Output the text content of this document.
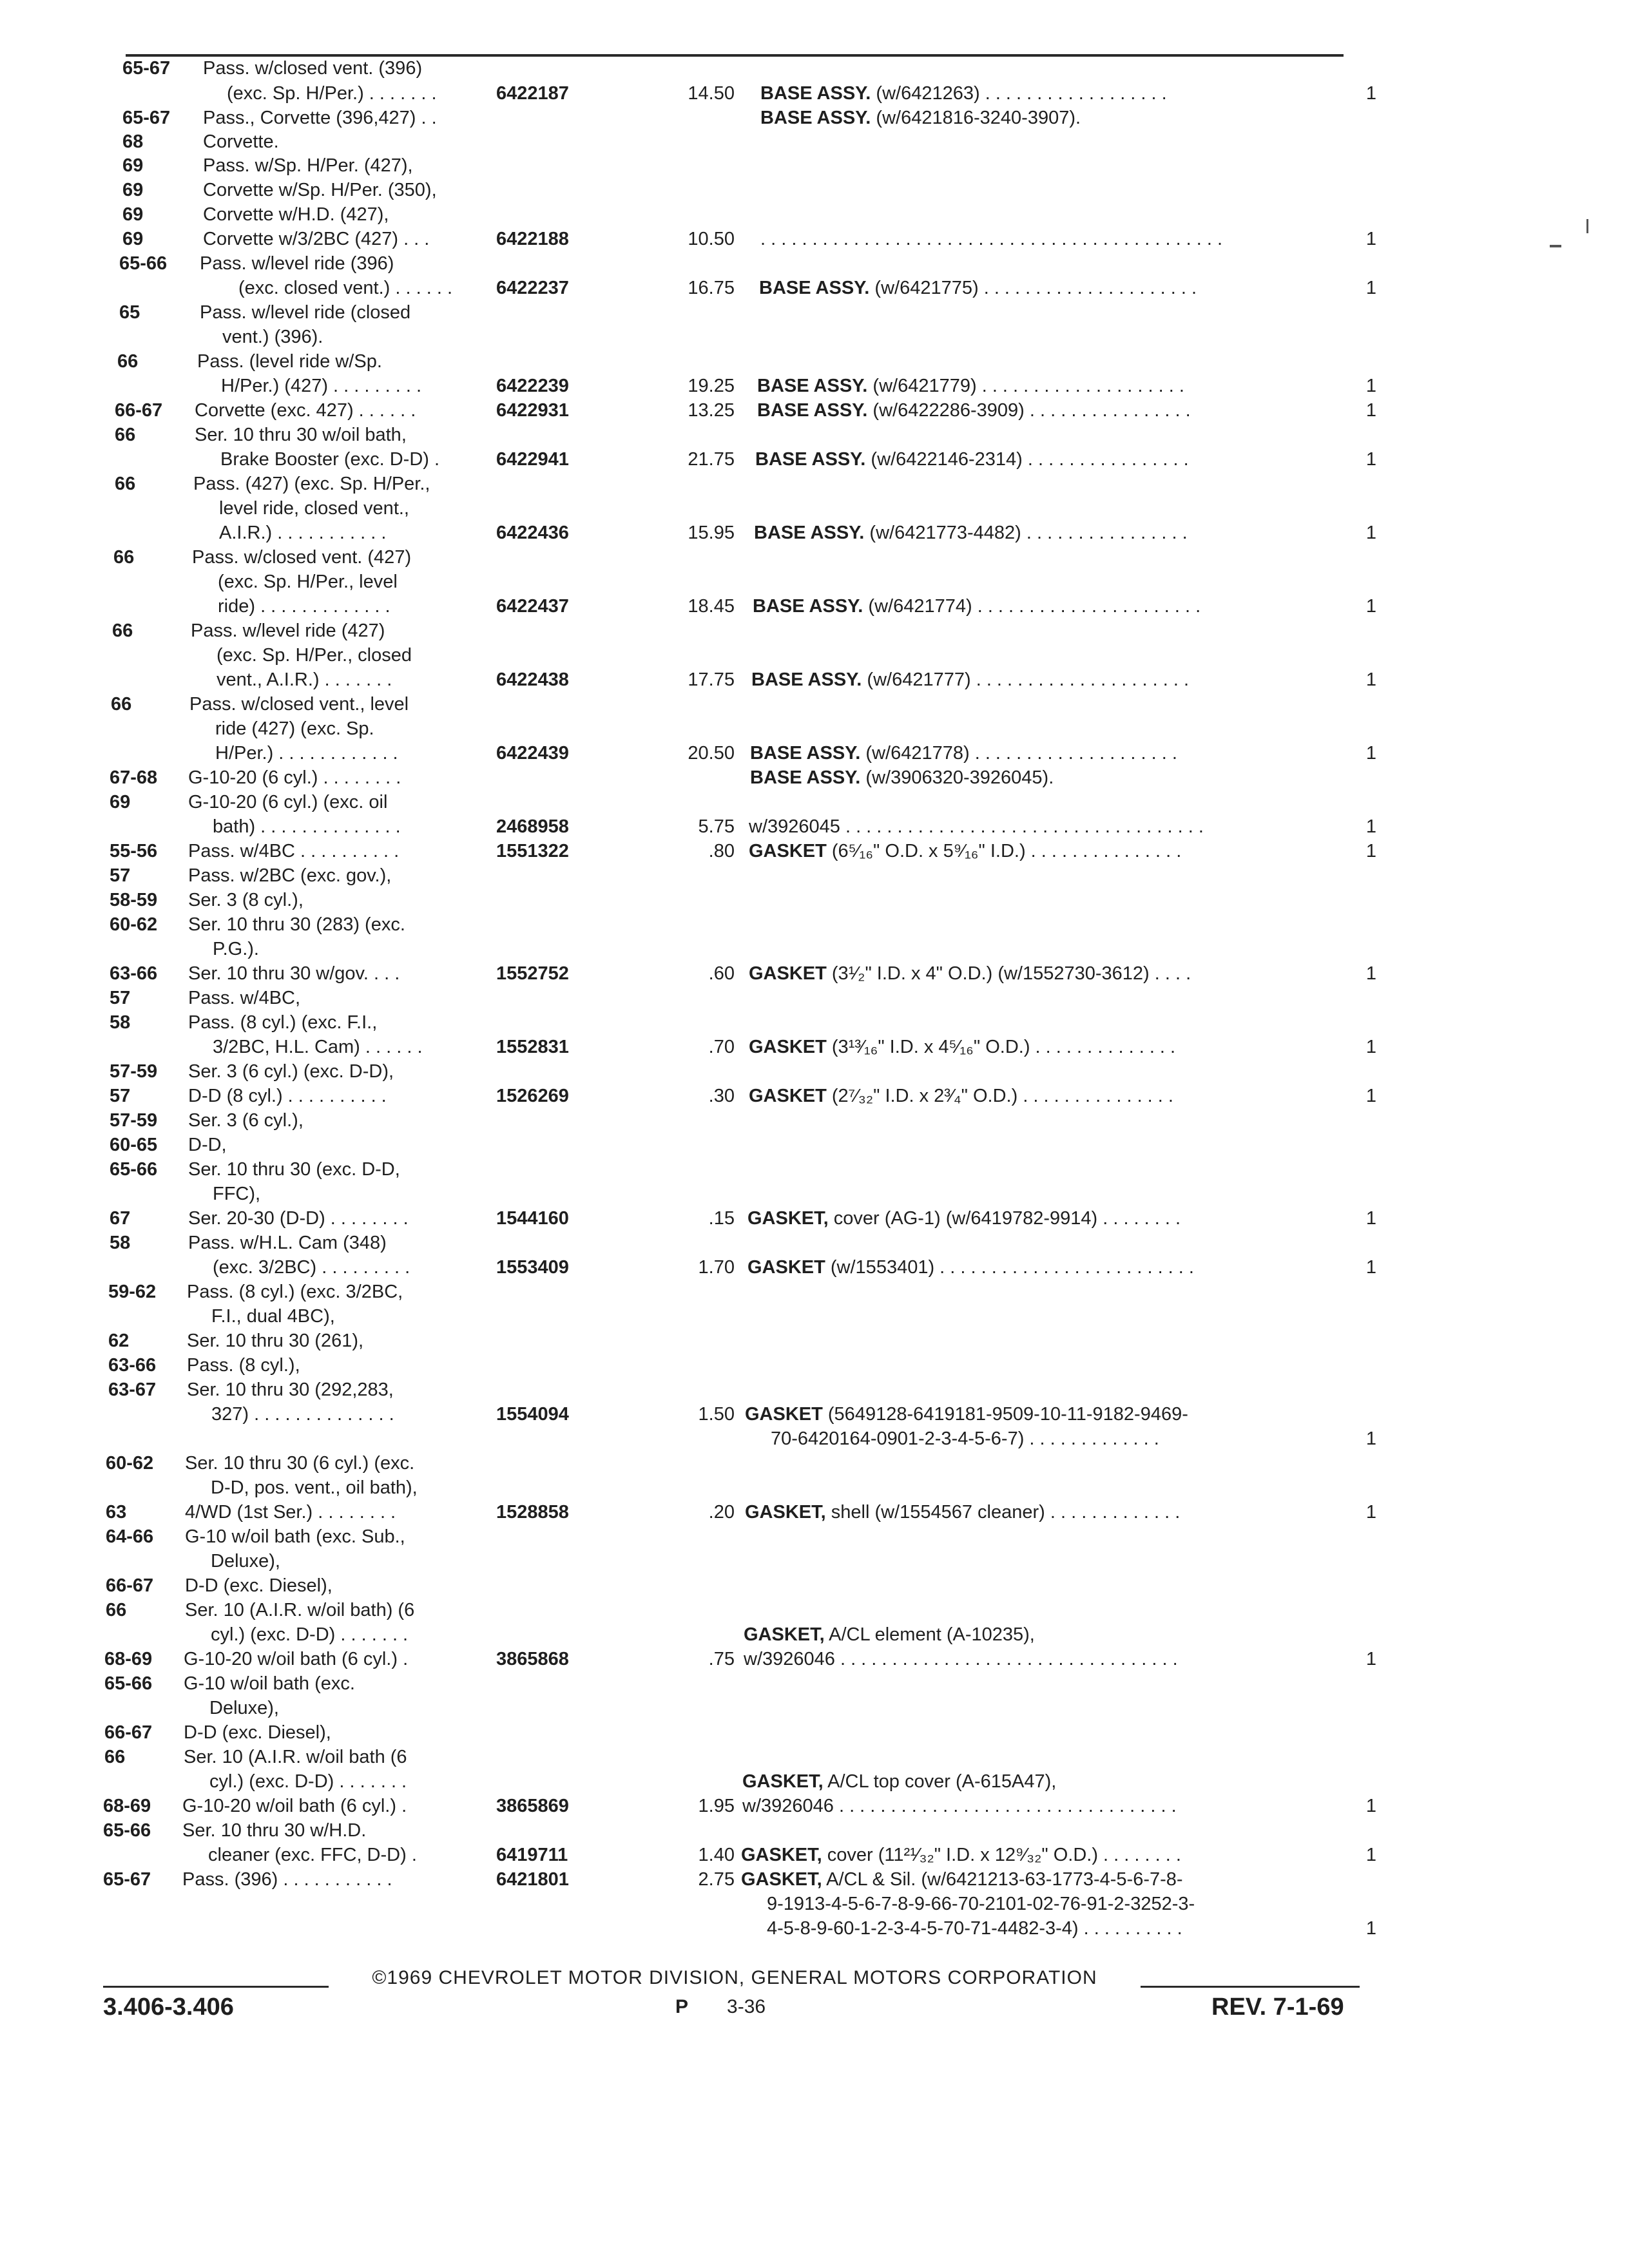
65-67 Pass. w/closed vent. (396)
(exc. Sp. H/Per.) . . . . . . .	6422187	14.50 BASE ASSY. (w/6421263) . . . . . . . . . . . . . . . . . .	1
65-67 Pass., Corvette (396,427) . .	BASE ASSY. (w/6421816-3240-3907).
68	Corvette.
69	Pass. w/Sp. H/Per. (427),
69	Corvette w/Sp. H/Per. (350),
69	Corvette w/H.D. (427),
69	Corvette w/3/2BC (427) . . .	6422188	10.50 . . . . . . . . . . . . . . . . . . . . . . . . . . . . . . . . . . . . . . . . . . . . .	1
65-66 Pass. w/level ride (396)
(exc. closed vent.) . . . . . . 6422237	16.75 BASE ASSY. (w/6421775) . . . . . . . . . . . . . . . . . . . . .	1
65	Pass. w/level ride (closed
vent.) (396).
66	Pass. (level ride w/Sp.
H/Per.) (427) . . . . . . . . .	6422239	19.25 BASE ASSY. (w/6421779) . . . . . . . . . . . . . . . . . . . .	1
66-67 Corvette (exc. 427) . . . . . .	6422931	13.25 BASE ASSY. (w/6422286-3909) . . . . . . . . . . . . . . . .	1
66	Ser. 10 thru 30 w/oil bath,
Brake Booster (exc. D-D) .	6422941	21.75 BASE ASSY. (w/6422146-2314) . . . . . . . . . . . . . . . .	1
66	Pass. (427) (exc. Sp. H/Per.,
level ride, closed vent.,
A.I.R.) . . . . . . . . . . .	6422436	15.95 BASE ASSY. (w/6421773-4482) . . . . . . . . . . . . . . . .	1
66	Pass. w/closed vent. (427)
(exc. Sp. H/Per., level
ride) . . . . . . . . . . . . .	6422437	18.45 BASE ASSY. (w/6421774) . . . . . . . . . . . . . . . . . . . . . .	1
66	Pass. w/level ride (427)
(exc. Sp. H/Per., closed
vent., A.I.R.) . . . . . . .	6422438	17.75 BASE ASSY. (w/6421777) . . . . . . . . . . . . . . . . . . . . .	1
66	Pass. w/closed vent., level
ride (427) (exc. Sp.
H/Per.) . . . . . . . . . . . .	6422439	20.50 BASE ASSY. (w/6421778) . . . . . . . . . . . . . . . . . . . .	1
67-68 G-10-20 (6 cyl.) . . . . . . . .	BASE ASSY. (w/3906320-3926045).
69	G-10-20 (6 cyl.) (exc. oil
bath) . . . . . . . . . . . . . .	2468958	5.75 w/3926045 . . . . . . . . . . . . . . . . . . . . . . . . . . . . . . . . . . .	1
55-56 Pass. w/4BC . . . . . . . . . .	1551322	.80 GASKET (6⁵⁄₁₆" O.D. x 5⁹⁄₁₆" I.D.) . . . . . . . . . . . . . . .	1
57	Pass. w/2BC (exc. gov.),
58-59 Ser. 3 (8 cyl.),
60-62 Ser. 10 thru 30 (283) (exc.
P.G.).
63-66 Ser. 10 thru 30 w/gov. . . .	1552752	.60 GASKET (3¹⁄₂" I.D. x 4" O.D.) (w/1552730-3612) . . . .	1
57	Pass. w/4BC,
58	Pass. (8 cyl.) (exc. F.I.,
3/2BC, H.L. Cam) . . . . . .	1552831	.70 GASKET (3¹³⁄₁₆" I.D. x 4⁵⁄₁₆" O.D.) . . . . . . . . . . . . . .	1
57-59 Ser. 3 (6 cyl.) (exc. D-D),
57	D-D (8 cyl.) . . . . . . . . . .	1526269	.30 GASKET (2⁷⁄₃₂" I.D. x 2³⁄₄" O.D.) . . . . . . . . . . . . . . .	1
57-59 Ser. 3 (6 cyl.),
60-65 D-D,
65-66 Ser. 10 thru 30 (exc. D-D,
FFC),
67	Ser. 20-30 (D-D) . . . . . . . .	1544160	.15 GASKET, cover (AG-1) (w/6419782-9914) . . . . . . . .	1
58	Pass. w/H.L. Cam (348)
(exc. 3/2BC) . . . . . . . . .	1553409	1.70 GASKET (w/1553401) . . . . . . . . . . . . . . . . . . . . . . . . .	1
59-62 Pass. (8 cyl.) (exc. 3/2BC,
F.I., dual 4BC),
62	Ser. 10 thru 30 (261),
63-66 Pass. (8 cyl.),
63-67 Ser. 10 thru 30 (292,283,
327) . . . . . . . . . . . . . .	1554094	1.50 GASKET (5649128-6419181-9509-10-11-9182-9469-
70-6420164-0901-2-3-4-5-6-7) . . . . . . . . . . . . .	1
60-62 Ser. 10 thru 30 (6 cyl.) (exc.
D-D, pos. vent., oil bath),
63	4/WD (1st Ser.) . . . . . . . .	1528858	.20 GASKET, shell (w/1554567 cleaner) . . . . . . . . . . . . .	1
64-66 G-10 w/oil bath (exc. Sub.,
Deluxe),
66-67 D-D (exc. Diesel),
66	Ser. 10 (A.I.R. w/oil bath) (6
cyl.) (exc. D-D) . . . . . . .	GASKET, A/CL element (A-10235),
68-69 G-10-20 w/oil bath (6 cyl.) .	3865868	.75 w/3926046 . . . . . . . . . . . . . . . . . . . . . . . . . . . . . . . . .	1
65-66 G-10 w/oil bath (exc.
Deluxe),
66-67 D-D (exc. Diesel),
66	Ser. 10 (A.I.R. w/oil bath (6
cyl.) (exc. D-D) . . . . . . .	GASKET, A/CL top cover (A-615A47),
68-69 G-10-20 w/oil bath (6 cyl.) .	3865869	1.95 w/3926046 . . . . . . . . . . . . . . . . . . . . . . . . . . . . . . . . .	1
65-66 Ser. 10 thru 30 w/H.D.
cleaner (exc. FFC, D-D) .	6419711	1.40 GASKET, cover (11²¹⁄₃₂" I.D. x 12⁹⁄₃₂" O.D.) . . . . . . . .	1
65-67 Pass. (396) . . . . . . . . . . .	6421801	2.75 GASKET, A/CL & Sil. (w/6421213-63-1773-4-5-6-7-8-
9-1913-4-5-6-7-8-9-66-70-2101-02-76-91-2-3252-3-
4-5-8-9-60-1-2-3-4-5-70-71-4482-3-4) . . . . . . . . . .	1
©1969 CHEVROLET MOTOR DIVISION, GENERAL MOTORS CORPORATION
3.406-3.406	P 3-36	REV. 7-1-69
